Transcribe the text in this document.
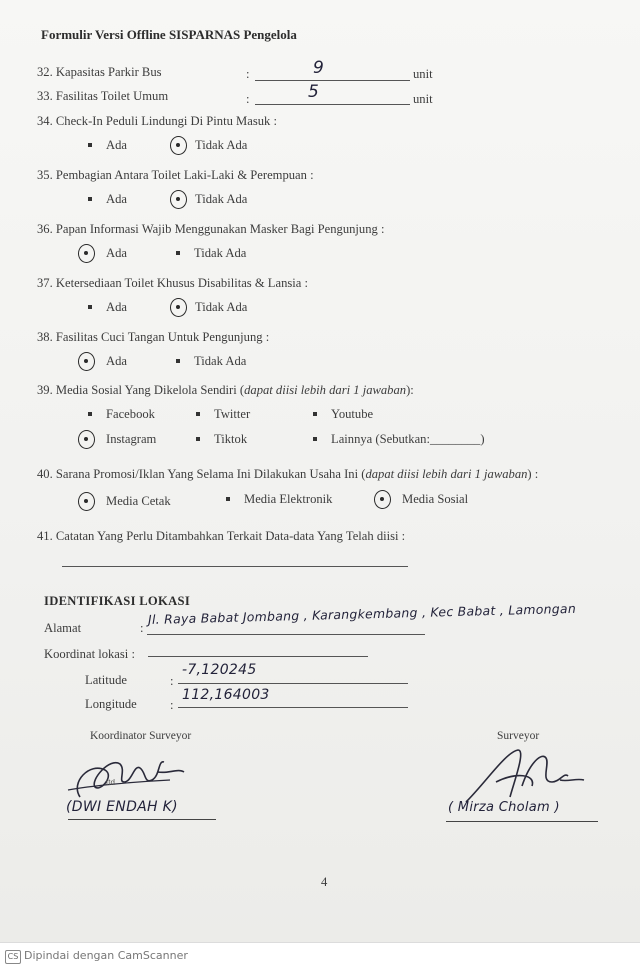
Formulir Versi Offline SISPARNAS Pengelola
32. Kapasitas Parkir Bus	:	9	unit
33. Fasilitas Toilet Umum	:	5	unit
34. Check-In Peduli Lindungi Di Pintu Masuk :
Ada	Tidak Ada
35. Pembagian Antara Toilet Laki-Laki & Perempuan :
Ada	Tidak Ada
36. Papan Informasi Wajib Menggunakan Masker Bagi Pengunjung :
Ada	Tidak Ada
37. Ketersediaan Toilet Khusus Disabilitas & Lansia :
Ada	Tidak Ada
38. Fasilitas Cuci Tangan Untuk Pengunjung :
Ada	Tidak Ada
39. Media Sosial Yang Dikelola Sendiri (dapat diisi lebih dari 1 jawaban):
Facebook	Twitter	Youtube
Instagram	Tiktok	Lainnya (Sebutkan:________)
40. Sarana Promosi/Iklan Yang Selama Ini Dilakukan Usaha Ini (dapat diisi lebih dari 1 jawaban) :
Media Cetak	Media Elektronik	Media Sosial
41. Catatan Yang Perlu Ditambahkan Terkait Data-data Yang Telah diisi :
IDENTIFIKASI LOKASI
Alamat	:
Jl. Raya Babat Jombang , Karangkembang , Kec Babat , Lamongan
Koordinat lokasi :
Latitude	:
-7,120245
Longitude	:
112,164003
Koordinator Surveyor
ttd
(DWI ENDAH K)
Surveyor
( Mirza Cholam )
4
CS Dipindai dengan CamScanner
